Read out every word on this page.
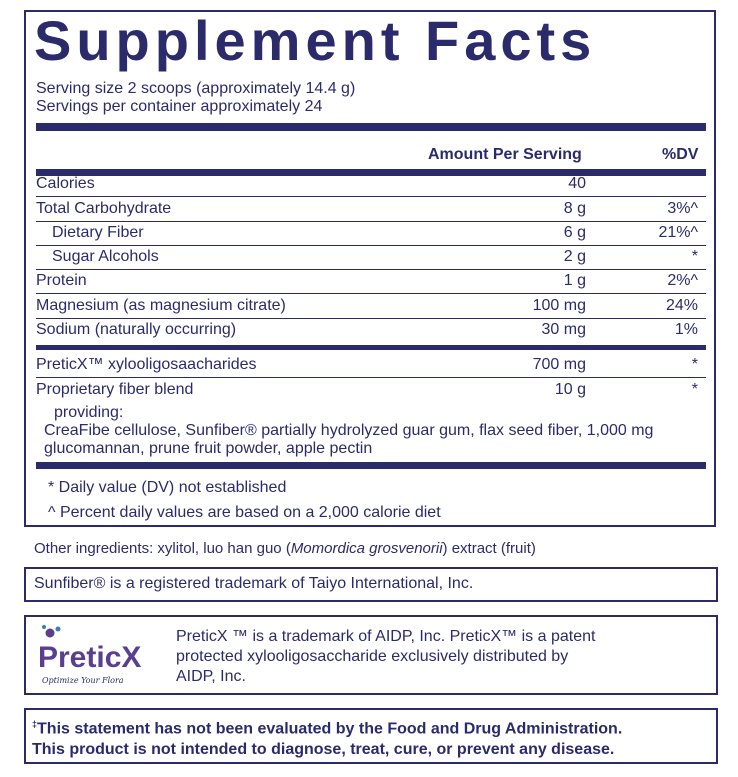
Supplement Facts
Serving size 2 scoops (approximately 14.4 g)
Servings per container approximately 24
Amount Per Serving	%DV
Calories	40
Total Carbohydrate	8 g	3%^
Dietary Fiber	6 g	21%^
Sugar Alcohols	2 g	*
Protein	1 g	2%^
Magnesium (as magnesium citrate)	100 mg	24%
Sodium (naturally occurring)	30 mg	1%
PreticX™ xylooligosaacharides	700 mg	*
Proprietary fiber blend	10 g	*
providing:
CreaFibe cellulose, Sunfiber® partially hydrolyzed guar gum, flax seed fiber, 1,000 mg
glucomannan, prune fruit powder, apple pectin
* Daily value (DV) not established
^ Percent daily values are based on a 2,000 calorie diet
Other ingredients: xylitol, luo han guo (Momordica grosvenorii) extract (fruit)
Sunfiber® is a registered trademark of Taiyo International, Inc.
PreticX
Optimize Your Flora
PreticX ™ is a trademark of AIDP, Inc. PreticX™ is a patent
protected xylooligosaccharide exclusively distributed by
AIDP, Inc.
‡This statement has not been evaluated by the Food and Drug Administration.
This product is not intended to diagnose, treat, cure, or prevent any disease.
